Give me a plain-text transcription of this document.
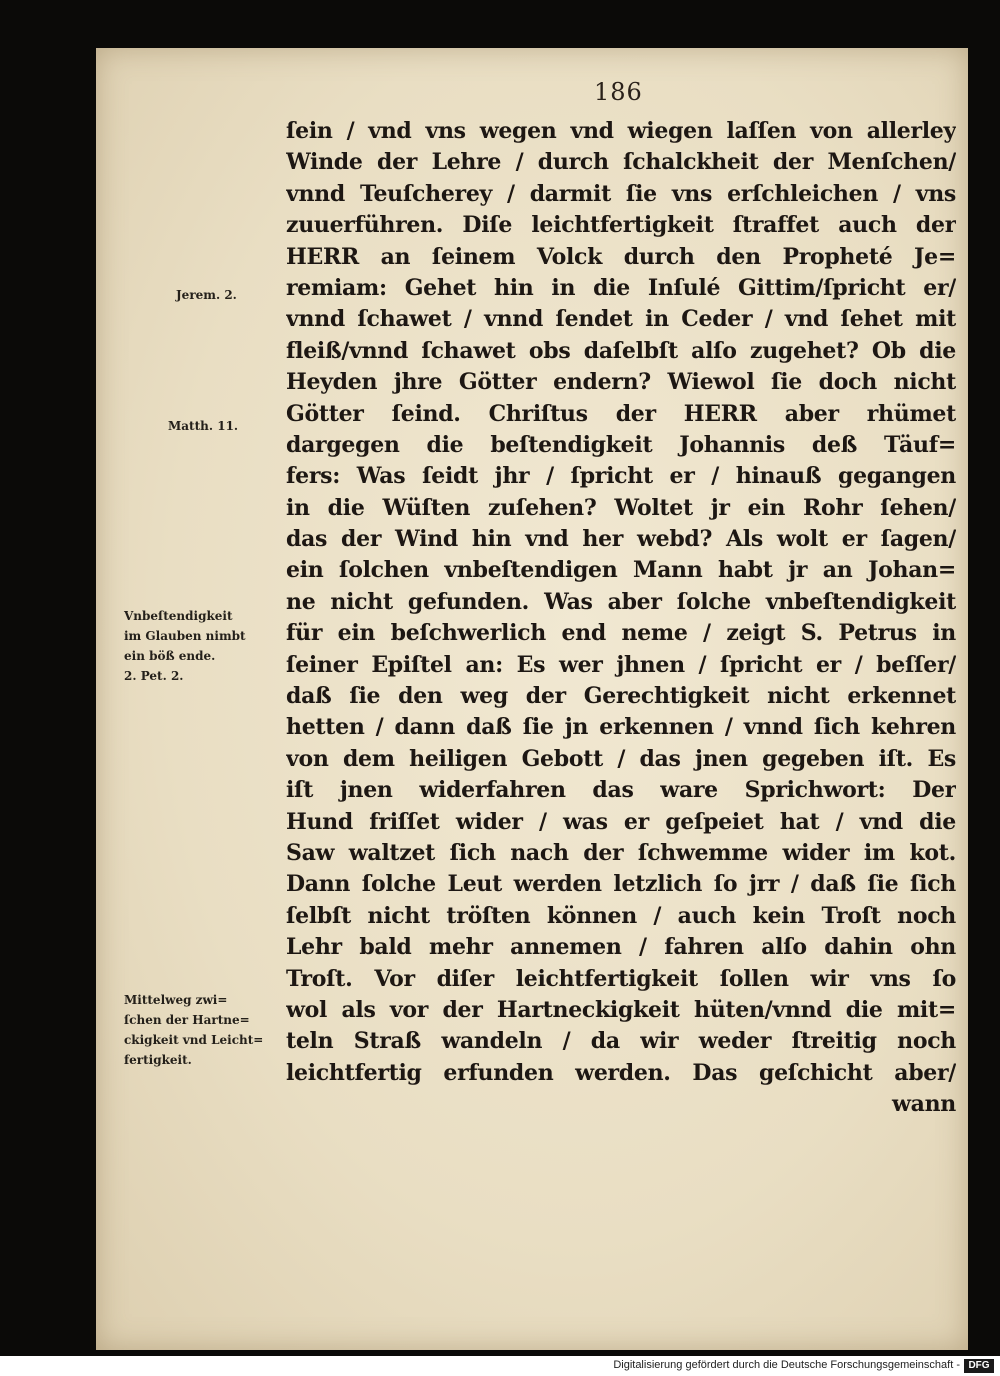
186
ſein / vnd vns wegen vnd wiegen laſſen von allerley
Winde der Lehre / durch ſchalckheit der Menſchen/
vnnd Teuſcherey / darmit ſie vns erſchleichen / vns
zuuerführen. Diſe leichtfertigkeit ſtraffet auch der
HERR an ſeinem Volck durch den Propheté Je=
remiam: Gehet hin in die Inſulé Gittim/ſpricht er/
vnnd ſchawet / vnnd ſendet in Ceder / vnd ſehet mit
fleiß/vnnd ſchawet obs daſelbſt alſo zugehet? Ob die
Heyden jhre Götter endern? Wiewol ſie doch nicht
Götter ſeind. Chriſtus der HERR aber rhümet
dargegen die beſtendigkeit Johannis deß Täuf=
fers: Was ſeidt jhr / ſpricht er / hinauß gegangen
in die Wüſten zuſehen? Woltet jr ein Rohr ſehen/
das der Wind hin vnd her webd? Als wolt er ſagen/
ein ſolchen vnbeſtendigen Mann habt jr an Johan=
ne nicht gefunden. Was aber ſolche vnbeſtendigkeit
für ein beſchwerlich end neme / zeigt S. Petrus in
ſeiner Epiſtel an: Es wer jhnen / ſpricht er / beſſer/
daß ſie den weg der Gerechtigkeit nicht erkennet
hetten / dann daß ſie jn erkennen / vnnd ſich kehren
von dem heiligen Gebott / das jnen gegeben iſt. Es
iſt jnen widerfahren das ware Sprichwort: Der
Hund friſſet wider / was er geſpeiet hat / vnd die
Saw waltzet ſich nach der ſchwemme wider im kot.
Dann ſolche Leut werden letzlich ſo jrr / daß ſie ſich
ſelbſt nicht tröſten können / auch kein Troſt noch
Lehr bald mehr annemen / fahren alſo dahin ohn
Troſt. Vor diſer leichtfertigkeit ſollen wir vns ſo
wol als vor der Hartneckigkeit hüten/vnnd die mit=
teln Straß wandeln / da wir weder ſtreitig noch
leichtfertig erfunden werden. Das geſchicht aber/
wann
Jerem. 2.
Matth. 11.
Vnbeſtendigkeit
im Glauben nimbt
ein böß ende.
2. Pet. 2.
Mittelweg zwi=
ſchen der Hartne=
ckigkeit vnd Leicht=
fertigkeit.
Digitalisierung gefördert durch die Deutsche Forschungsgemeinschaft - DFG
